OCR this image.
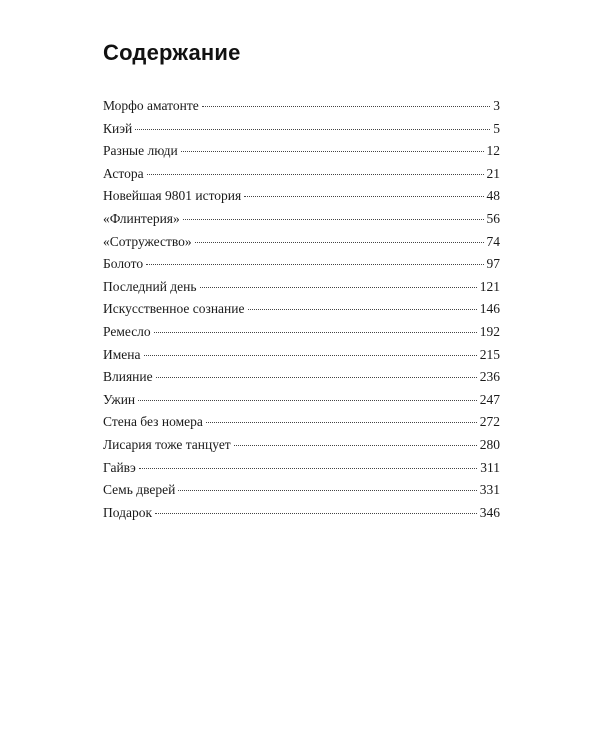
Содержание
Морфо аматонте	3
Киэй	5
Разные люди	12
Астора	21
Новейшая 9801 история	48
«Флинтерия»	56
«Сотружество»	74
Болото	97
Последний день	121
Искусственное сознание	146
Ремесло	192
Имена	215
Влияние	236
Ужин	247
Стена без номера	272
Лисария тоже танцует	280
Гайвэ	311
Семь дверей	331
Подарок	346
